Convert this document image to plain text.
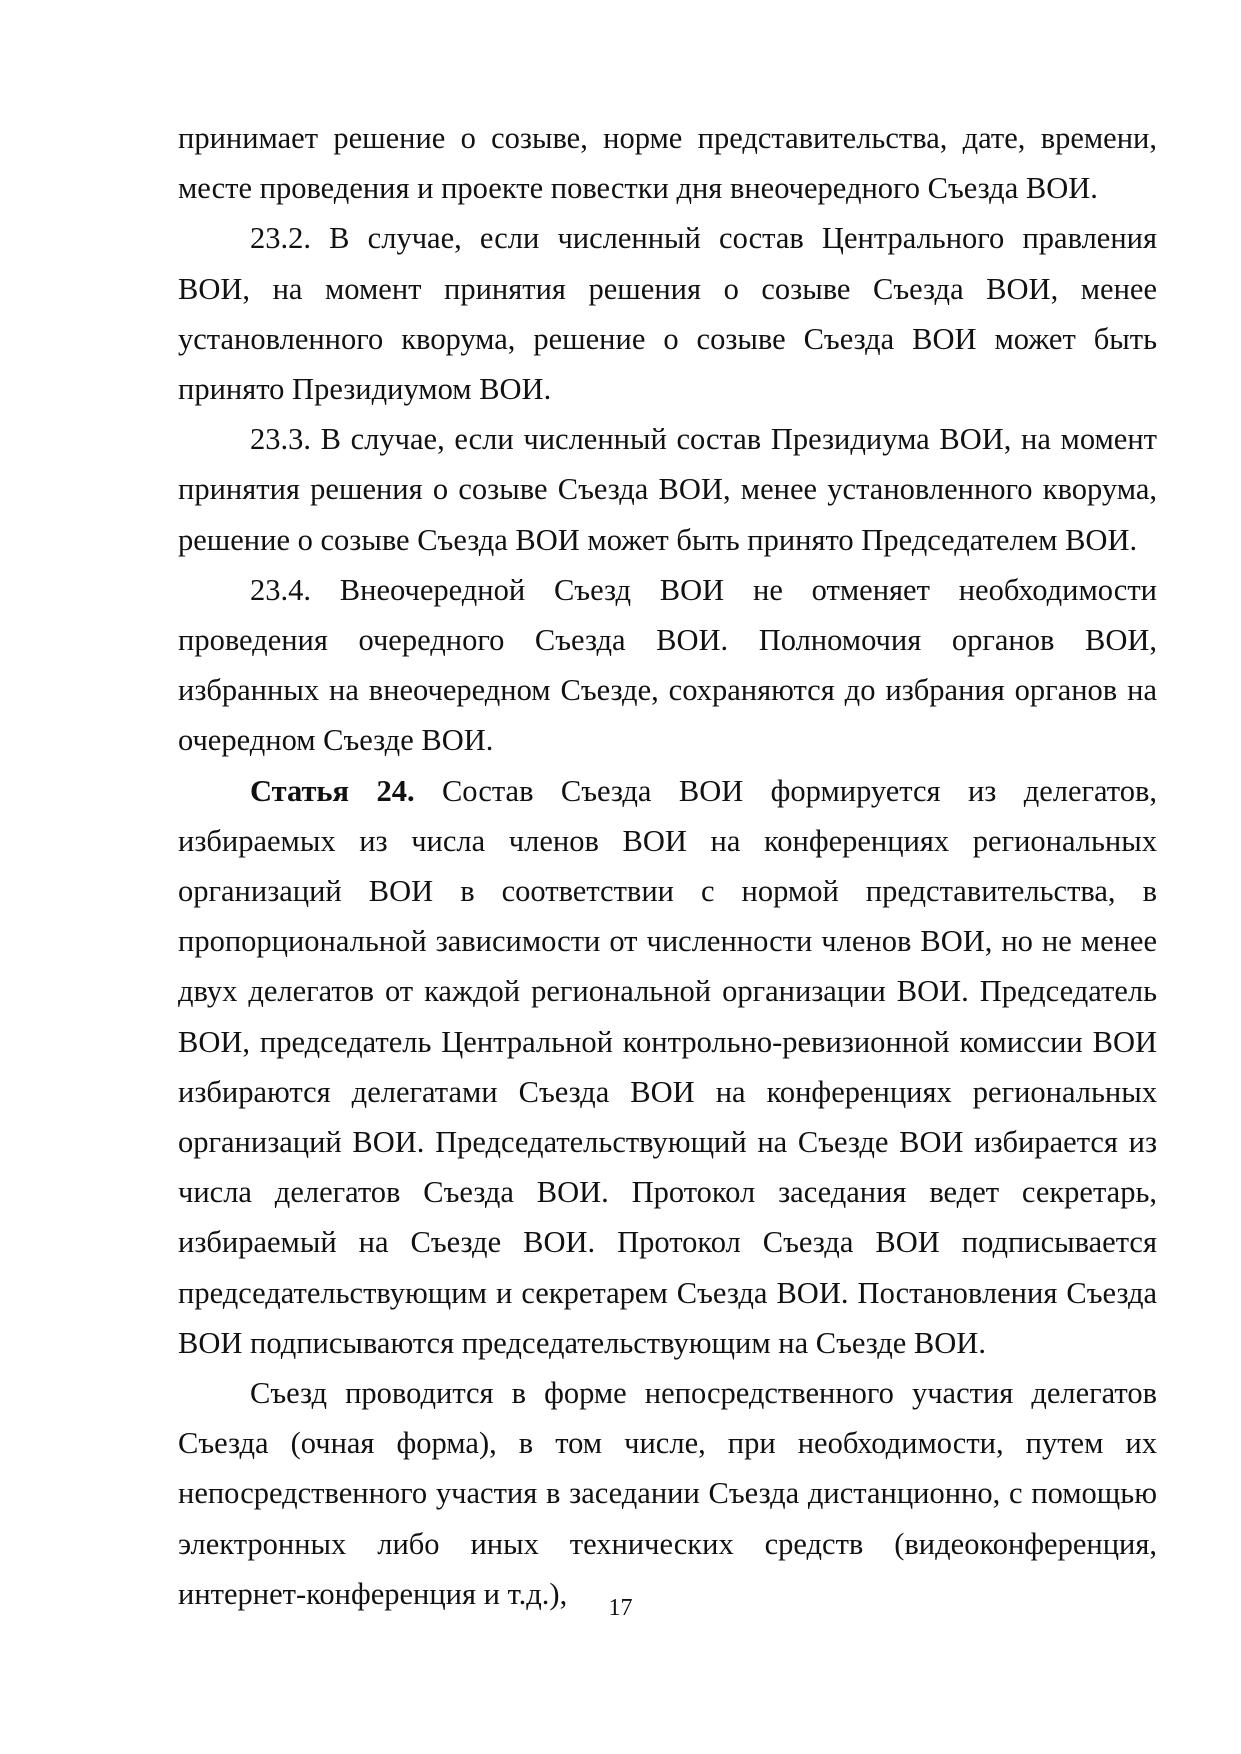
принимает решение о созыве, норме представительства, дате, времени, месте проведения и проекте повестки дня внеочередного Съезда ВОИ.

23.2. В случае, если численный состав Центрального правления ВОИ, на момент принятия решения о созыве Съезда ВОИ, менее установленного кворума, решение о созыве Съезда ВОИ может быть принято Президиумом ВОИ.

23.3. В случае, если численный состав Президиума ВОИ, на момент принятия решения о созыве Съезда ВОИ, менее установленного кворума, решение о созыве Съезда ВОИ может быть принято Председателем ВОИ.

23.4. Внеочередной Съезд ВОИ не отменяет необходимости проведения очередного Съезда ВОИ. Полномочия органов ВОИ, избранных на внеочередном Съезде, сохраняются до избрания органов на очередном Съезде ВОИ.

Статья 24. Состав Съезда ВОИ формируется из делегатов, избираемых из числа членов ВОИ на конференциях региональных организаций ВОИ в соответствии с нормой представительства, в пропорциональной зависимости от численности членов ВОИ, но не менее двух делегатов от каждой региональной организации ВОИ. Председатель ВОИ, председатель Центральной контрольно-ревизионной комиссии ВОИ избираются делегатами Съезда ВОИ на конференциях региональных организаций ВОИ. Председательствующий на Съезде ВОИ избирается из числа делегатов Съезда ВОИ. Протокол заседания ведет секретарь, избираемый на Съезде ВОИ. Протокол Съезда ВОИ подписывается председательствующим и секретарем Съезда ВОИ. Постановления Съезда ВОИ подписываются председательствующим на Съезде ВОИ.

Съезд проводится в форме непосредственного участия делегатов Съезда (очная форма), в том числе, при необходимости, путем их непосредственного участия в заседании Съезда дистанционно, с помощью электронных либо иных технических средств (видеоконференция, интернет-конференция и т.д.),	17
